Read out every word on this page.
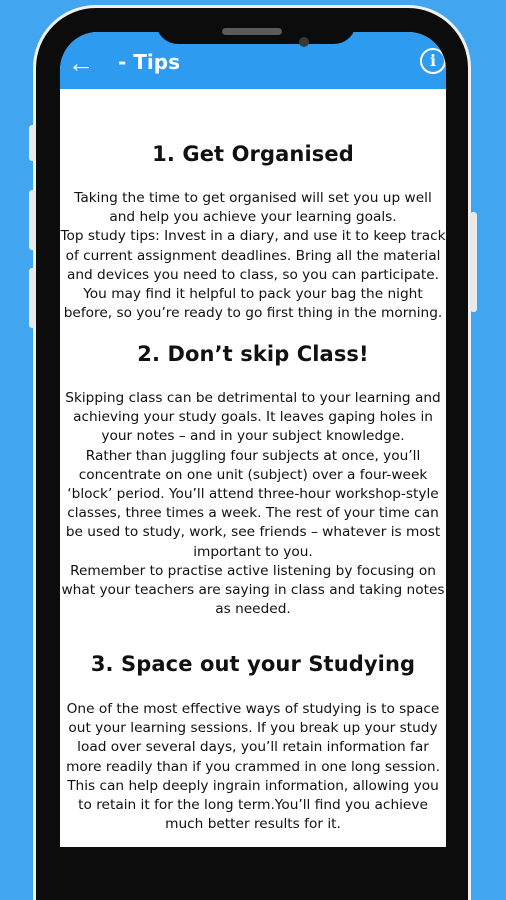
← - Tips	i
1. Get Organised
Taking the time to get organised will set you up well
and help you achieve your learning goals.
Top study tips: Invest in a diary, and use it to keep track
of current assignment deadlines. Bring all the material
and devices you need to class, so you can participate.
You may find it helpful to pack your bag the night
before, so you’re ready to go first thing in the morning.
2. Don’t skip Class!
Skipping class can be detrimental to your learning and
achieving your study goals. It leaves gaping holes in
your notes – and in your subject knowledge.
Rather than juggling four subjects at once, you’ll
concentrate on one unit (subject) over a four-week
‘block’ period. You’ll attend three-hour workshop-style
classes, three times a week. The rest of your time can
be used to study, work, see friends – whatever is most
important to you.
Remember to practise active listening by focusing on
what your teachers are saying in class and taking notes
as needed.
3. Space out your Studying
One of the most effective ways of studying is to space
out your learning sessions. If you break up your study
load over several days, you’ll retain information far
more readily than if you crammed in one long session.
This can help deeply ingrain information, allowing you
to retain it for the long term.You’ll find you achieve
much better results for it.
